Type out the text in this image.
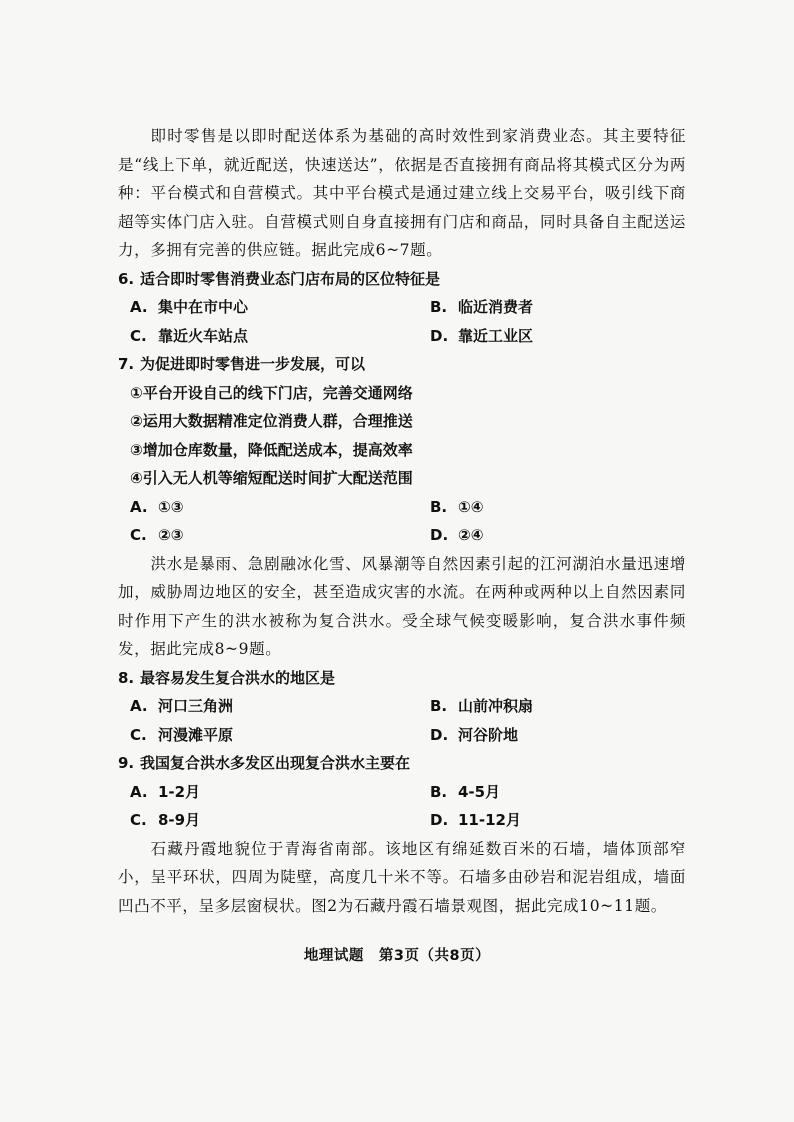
即时零售是以即时配送体系为基础的高时效性到家消费业态。其主要特征是“线上下单，就近配送，快速送达”，依据是否直接拥有商品将其模式区分为两种：平台模式和自营模式。其中平台模式是通过建立线上交易平台，吸引线下商超等实体门店入驻。自营模式则自身直接拥有门店和商品，同时具备自主配送运力，多拥有完善的供应链。据此完成6~7题。

6. 适合即时零售消费业态门店布局的区位特征是

A. 集中在市中心	B. 临近消费者
C. 靠近火车站点	D. 靠近工业区

7. 为促进即时零售进一步发展，可以

①平台开设自己的线下门店，完善交通网络

②运用大数据精准定位消费人群，合理推送

③增加仓库数量，降低配送成本，提高效率

④引入无人机等缩短配送时间扩大配送范围

A. ①③	B. ①④
C. ②③	D. ②④

洪水是暴雨、急剧融冰化雪、风暴潮等自然因素引起的江河湖泊水量迅速增加，威胁周边地区的安全，甚至造成灾害的水流。在两种或两种以上自然因素同时作用下产生的洪水被称为复合洪水。受全球气候变暖影响，复合洪水事件频发，据此完成8~9题。

8. 最容易发生复合洪水的地区是

A. 河口三角洲	B. 山前冲积扇
C. 河漫滩平原	D. 河谷阶地

9. 我国复合洪水多发区出现复合洪水主要在

A. 1-2月	B. 4-5月
C. 8-9月	D. 11-12月

石藏丹霞地貌位于青海省南部。该地区有绵延数百米的石墙，墙体顶部窄小，呈平环状，四周为陡壁，高度几十米不等。石墙多由砂岩和泥岩组成，墙面凹凸不平，呈多层窗棂状。图2为石藏丹霞石墙景观图，据此完成10~11题。

地理试题　第3页（共8页）
